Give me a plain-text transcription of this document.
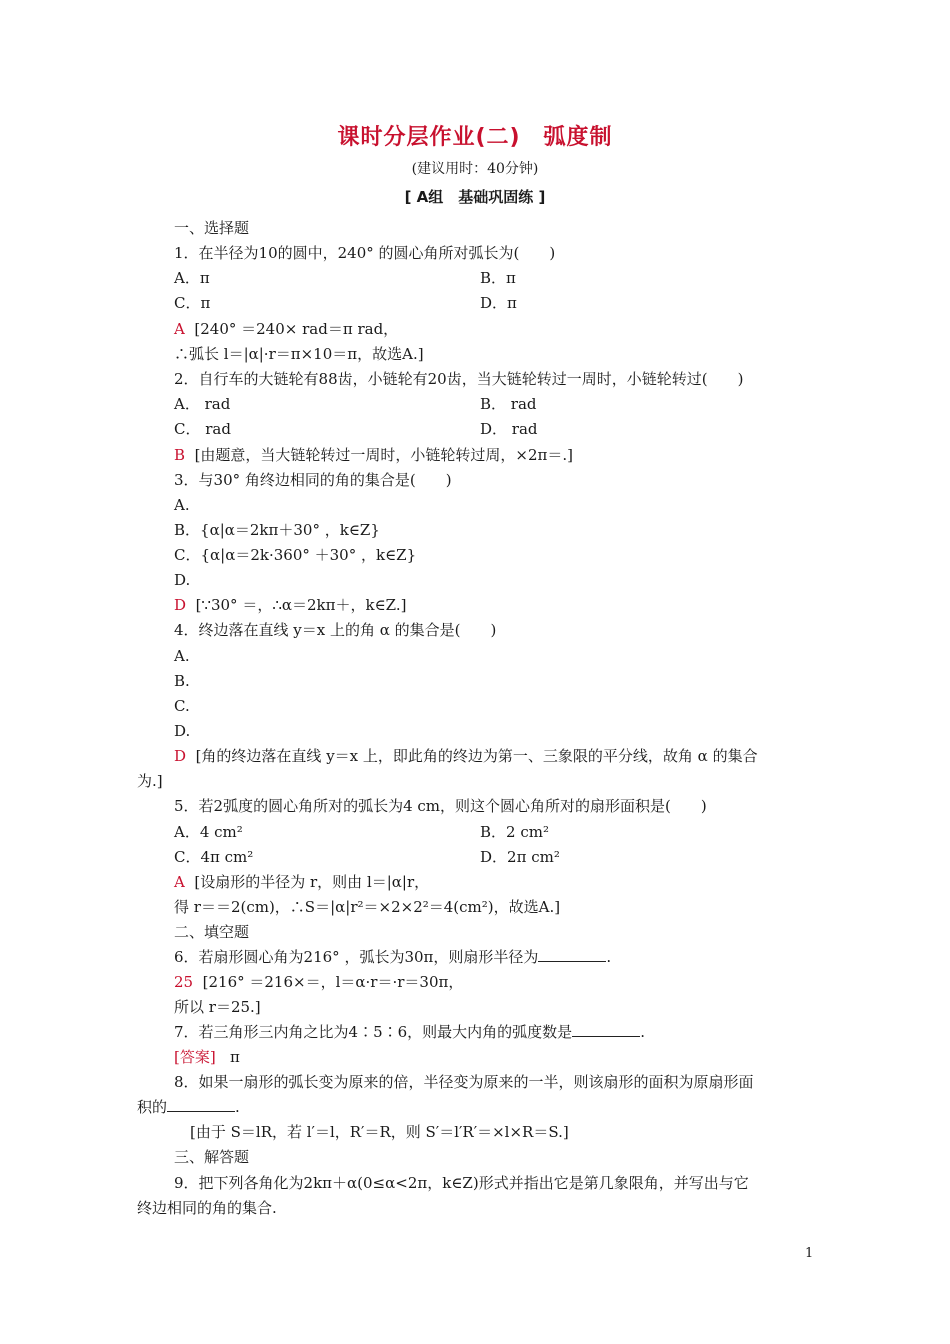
课时分层作业(二)　弧度制
(建议用时：40分钟)
[ A组　基础巩固练 ]
一、选择题
1．在半径为10的圆中，240° 的圆心角所对弧长为(　　)
A．π	B．π
C．π	D．π
A [240° ＝240× rad＝π rad，
∴弧长 l＝|α|·r＝π×10＝π，故选A.]
2．自行车的大链轮有88齿，小链轮有20齿，当大链轮转过一周时，小链轮转过(　　)
A． rad	B． rad
C． rad	D． rad
B [由题意，当大链轮转过一周时，小链轮转过周，×2π＝.]
3．与30° 角终边相同的角的集合是(　　)
A.
B．{α|α＝2kπ＋30° ，k∈Z}
C．{α|α＝2k·360° ＋30° ，k∈Z}
D.
D [∵30° ＝，∴α＝2kπ＋，k∈Z.]
4．终边落在直线 y＝x 上的角 α 的集合是(　　)
A.
B.
C.
D.
D [角的终边落在直线 y＝x 上，即此角的终边为第一、三象限的平分线，故角 α 的集合
为.]
5．若2弧度的圆心角所对的弧长为4 cm，则这个圆心角所对的扇形面积是(　　)
A．4 cm²	B．2 cm²
C．4π cm²	D．2π cm²
A [设扇形的半径为 r，则由 l＝|α|r，
得 r＝＝2(cm)，∴S＝|α|r²＝×2×2²＝4(cm²)，故选A.]
二、填空题
6．若扇形圆心角为216° ，弧长为30π，则扇形半径为	.
25 [216° ＝216×＝，l＝α·r＝·r＝30π，
所以 r＝25.]
7．若三角形三内角之比为4∶5∶6，则最大内角的弧度数是	.
[答案] π
8．如果一扇形的弧长变为原来的倍，半径变为原来的一半，则该扇形的面积为原扇形面
积的	.
[由于 S＝lR，若 l′＝l，R′＝R，则 S′＝l′R′＝×l×R＝S.]
三、解答题
9．把下列各角化为2kπ＋α(0≤α<2π，k∈Z)形式并指出它是第几象限角，并写出与它
终边相同的角的集合.
1
